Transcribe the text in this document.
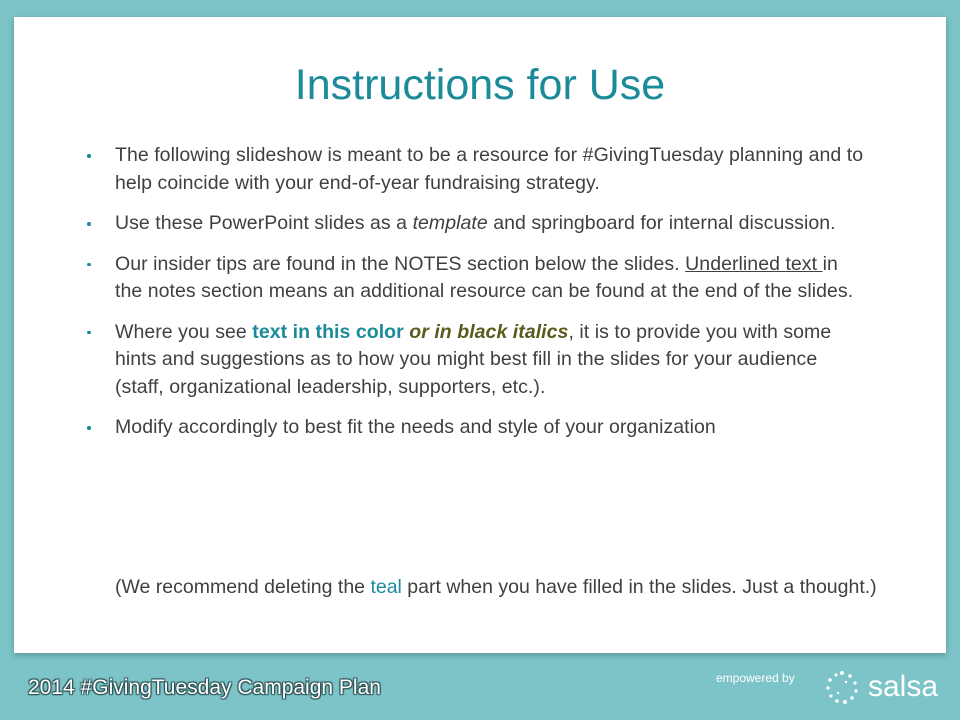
Instructions for Use
The following slideshow is meant to be a resource for #GivingTuesday planning and to help coincide with your end-of-year fundraising strategy.
Use these PowerPoint slides as a template and springboard for internal discussion.
Our insider tips are found in the NOTES section below the slides. Underlined text in the notes section means an additional resource can be found at the end of the slides.
Where you see text in this color or in black italics, it is to provide you with some hints and suggestions as to how you might best fill in the slides for your audience (staff, organizational leadership, supporters, etc.).
Modify accordingly to best fit the needs and style of your organization
(We recommend deleting the teal part when you have filled in the slides. Just a thought.)
2014 #GivingTuesday Campaign Plan	empowered by salsa
